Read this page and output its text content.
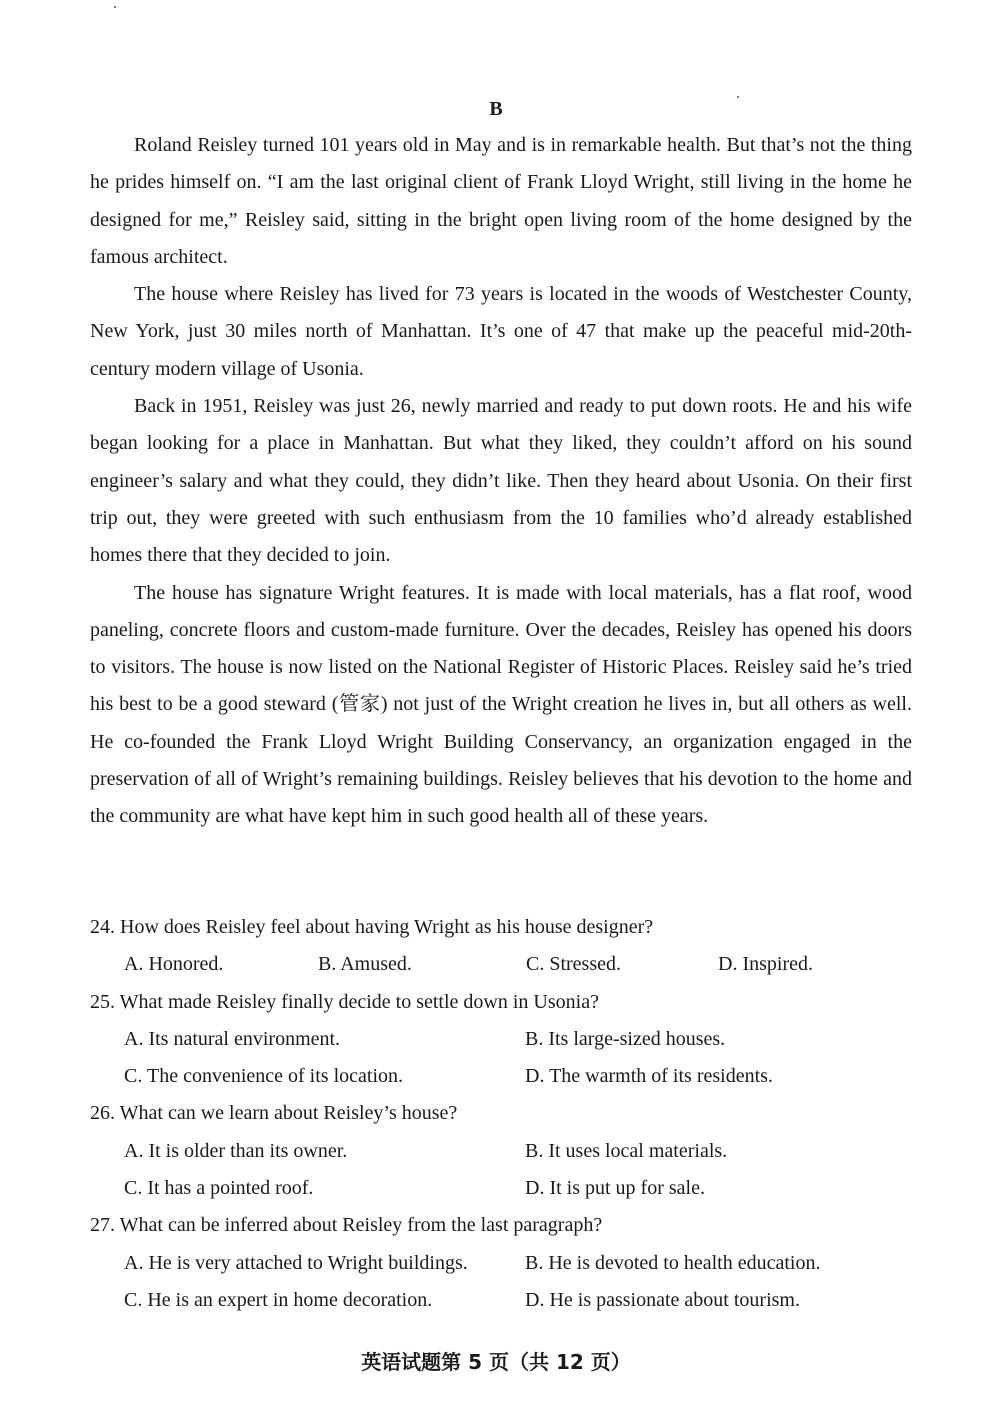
B

Roland Reisley turned 101 years old in May and is in remarkable health. But that’s not the thing he prides himself on. “I am the last original client of Frank Lloyd Wright, still living in the home he designed for me,” Reisley said, sitting in the bright open living room of the home designed by the famous architect.

The house where Reisley has lived for 73 years is located in the woods of Westchester County, New York, just 30 miles north of Manhattan. It’s one of 47 that make up the peaceful mid-20th-century modern village of Usonia.

Back in 1951, Reisley was just 26, newly married and ready to put down roots. He and his wife began looking for a place in Manhattan. But what they liked, they couldn’t afford on his sound engineer’s salary and what they could, they didn’t like. Then they heard about Usonia. On their first trip out, they were greeted with such enthusiasm from the 10 families who’d already established homes there that they decided to join.

The house has signature Wright features. It is made with local materials, has a flat roof, wood paneling, concrete floors and custom-made furniture. Over the decades, Reisley has opened his doors to visitors. The house is now listed on the National Register of Historic Places. Reisley said he’s tried his best to be a good steward (管家) not just of the Wright creation he lives in, but all others as well. He co-founded the Frank Lloyd Wright Building Conservancy, an organization engaged in the preservation of all of Wright’s remaining buildings. Reisley believes that his devotion to the home and the community are what have kept him in such good health all of these years.

24. How does Reisley feel about having Wright as his house designer?

A. Honored.	B. Amused.	C. Stressed.	D. Inspired.

25. What made Reisley finally decide to settle down in Usonia?

A. Its natural environment.	B. Its large-sized houses.
C. The convenience of its location.	D. The warmth of its residents.

26. What can we learn about Reisley’s house?

A. It is older than its owner.	B. It uses local materials.
C. It has a pointed roof.	D. It is put up for sale.

27. What can be inferred about Reisley from the last paragraph?

A. He is very attached to Wright buildings.	B. He is devoted to health education.
C. He is an expert in home decoration.	D. He is passionate about tourism.
英语试题第 5 页（共 12 页）
